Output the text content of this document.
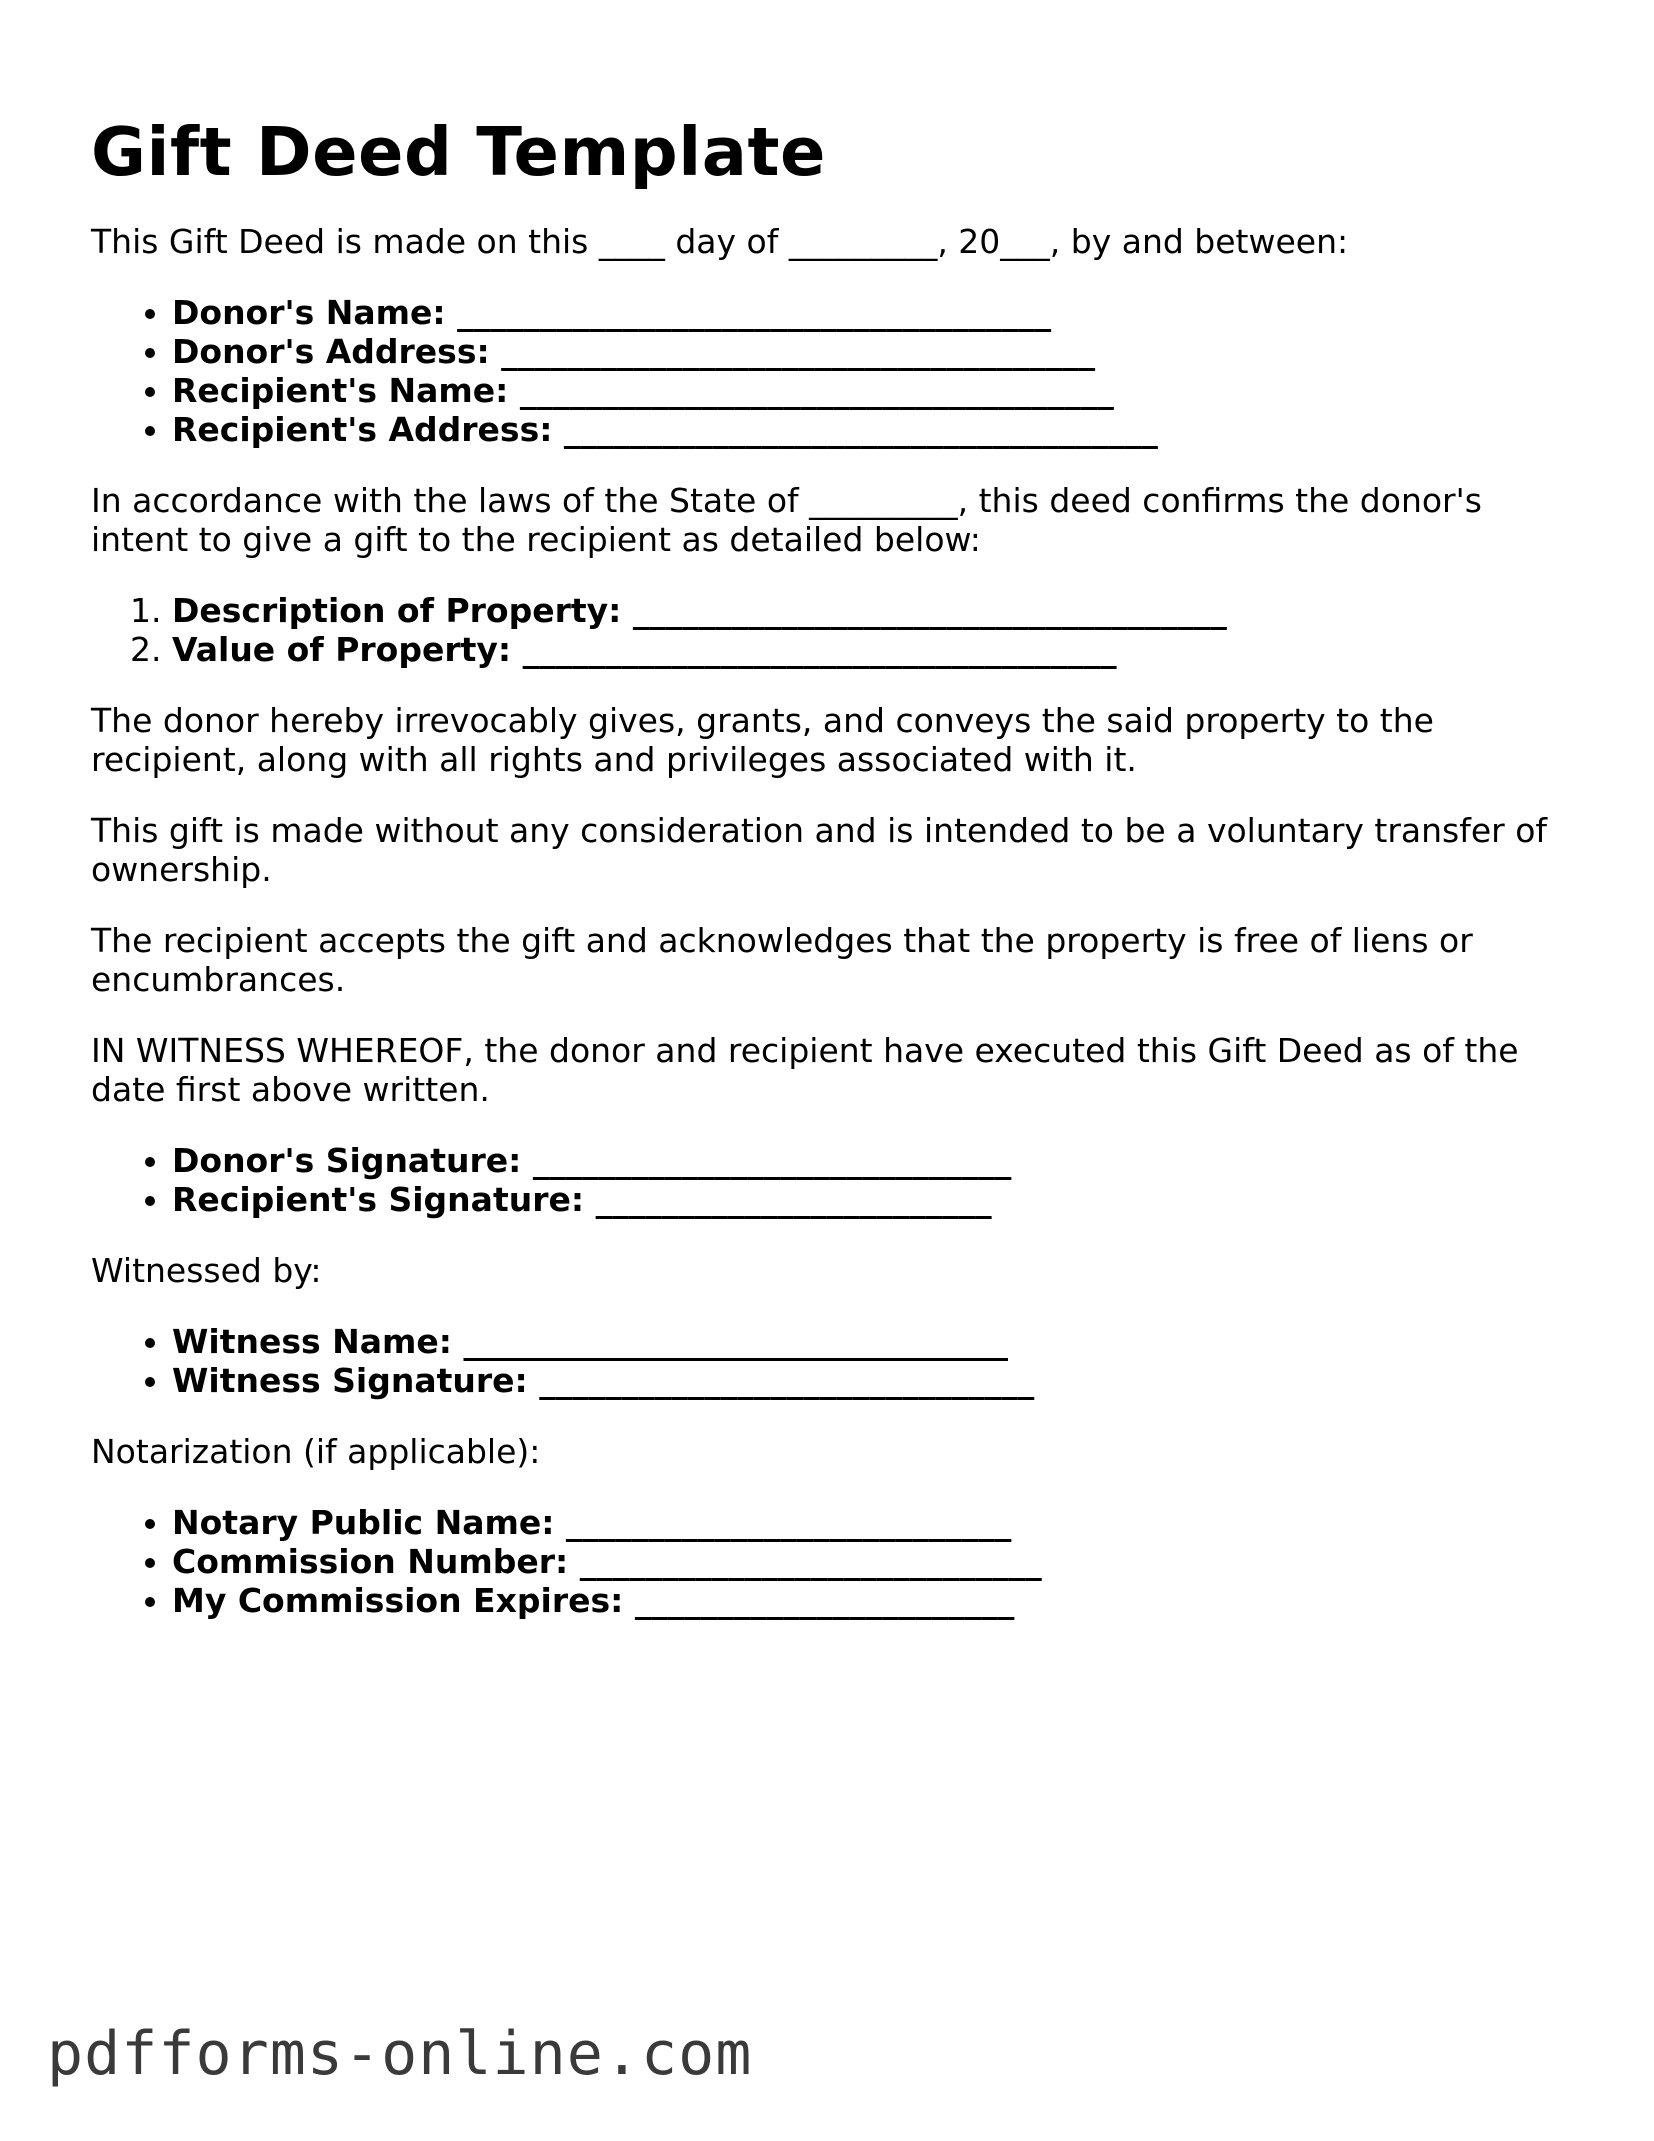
Gift Deed Template

This Gift Deed is made on this ____ day of _________, 20___, by and between:

• Donor's Name: ____________________________________
• Donor's Address: ____________________________________
• Recipient's Name: ____________________________________
• Recipient's Address: ____________________________________

In accordance with the laws of the State of _________, this deed confirms the donor's intent to give a gift to the recipient as detailed below:

1. Description of Property: ____________________________________
2. Value of Property: ____________________________________

The donor hereby irrevocably gives, grants, and conveys the said property to the recipient, along with all rights and privileges associated with it.

This gift is made without any consideration and is intended to be a voluntary transfer of ownership.

The recipient accepts the gift and acknowledges that the property is free of liens or encumbrances.

IN WITNESS WHEREOF, the donor and recipient have executed this Gift Deed as of the date first above written.

• Donor's Signature: _____________________________
• Recipient's Signature: ________________________

Witnessed by:

• Witness Name: _________________________________
• Witness Signature: ______________________________

Notarization (if applicable):

• Notary Public Name: ___________________________
• Commission Number: ____________________________
• My Commission Expires: _______________________
pdfforms-online.com
